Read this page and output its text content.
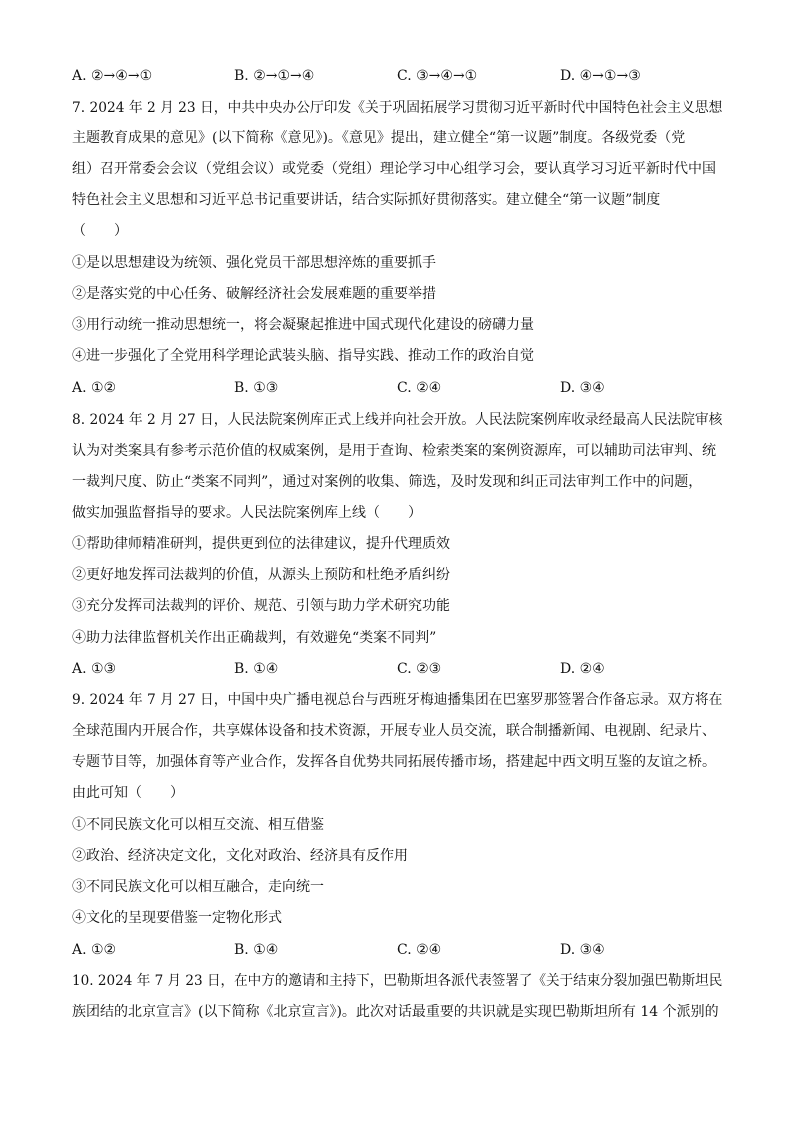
A. ②→④→①	B. ②→①→④	C. ③→④→①	D. ④→①→③
7. 2024 年 2 月 23 日，中共中央办公厅印发《关于巩固拓展学习贯彻习近平新时代中国特色社会主义思想
主题教育成果的意见》(以下简称《意见》)。《意见》提出，建立健全“第一议题”制度。各级党委（党
组）召开常委会会议（党组会议）或党委（党组）理论学习中心组学习会，要认真学习习近平新时代中国
特色社会主义思想和习近平总书记重要讲话，结合实际抓好贯彻落实。建立健全“第一议题”制度
（　　）
①是以思想建设为统领、强化党员干部思想淬炼的重要抓手
②是落实党的中心任务、破解经济社会发展难题的重要举措
③用行动统一推动思想统一，将会凝聚起推进中国式现代化建设的磅礴力量
④进一步强化了全党用科学理论武装头脑、指导实践、推动工作的政治自觉
A. ①②	B. ①③	C. ②④	D. ③④
8. 2024 年 2 月 27 日，人民法院案例库正式上线并向社会开放。人民法院案例库收录经最高人民法院审核
认为对类案具有参考示范价值的权威案例，是用于查询、检索类案的案例资源库，可以辅助司法审判、统
一裁判尺度、防止“类案不同判”，通过对案例的收集、筛选，及时发现和纠正司法审判工作中的问题，
做实加强监督指导的要求。人民法院案例库上线（　　）
①帮助律师精准研判，提供更到位的法律建议，提升代理质效
②更好地发挥司法裁判的价值，从源头上预防和杜绝矛盾纠纷
③充分发挥司法裁判的评价、规范、引领与助力学术研究功能
④助力法律监督机关作出正确裁判，有效避免“类案不同判”
A. ①③	B. ①④	C. ②③	D. ②④
9. 2024 年 7 月 27 日，中国中央广播电视总台与西班牙梅迪播集团在巴塞罗那签署合作备忘录。双方将在
全球范围内开展合作，共享媒体设备和技术资源，开展专业人员交流，联合制播新闻、电视剧、纪录片、
专题节目等，加强体育等产业合作，发挥各自优势共同拓展传播市场，搭建起中西文明互鉴的友谊之桥。
由此可知（　　）
①不同民族文化可以相互交流、相互借鉴
②政治、经济决定文化，文化对政治、经济具有反作用
③不同民族文化可以相互融合，走向统一
④文化的呈现要借鉴一定物化形式
A. ①②	B. ①④	C. ②④	D. ③④
10. 2024 年 7 月 23 日，在中方的邀请和主持下，巴勒斯坦各派代表签署了《关于结束分裂加强巴勒斯坦民
族团结的北京宣言》(以下简称《北京宣言》)。此次对话最重要的共识就是实现巴勒斯坦所有 14 个派别的
